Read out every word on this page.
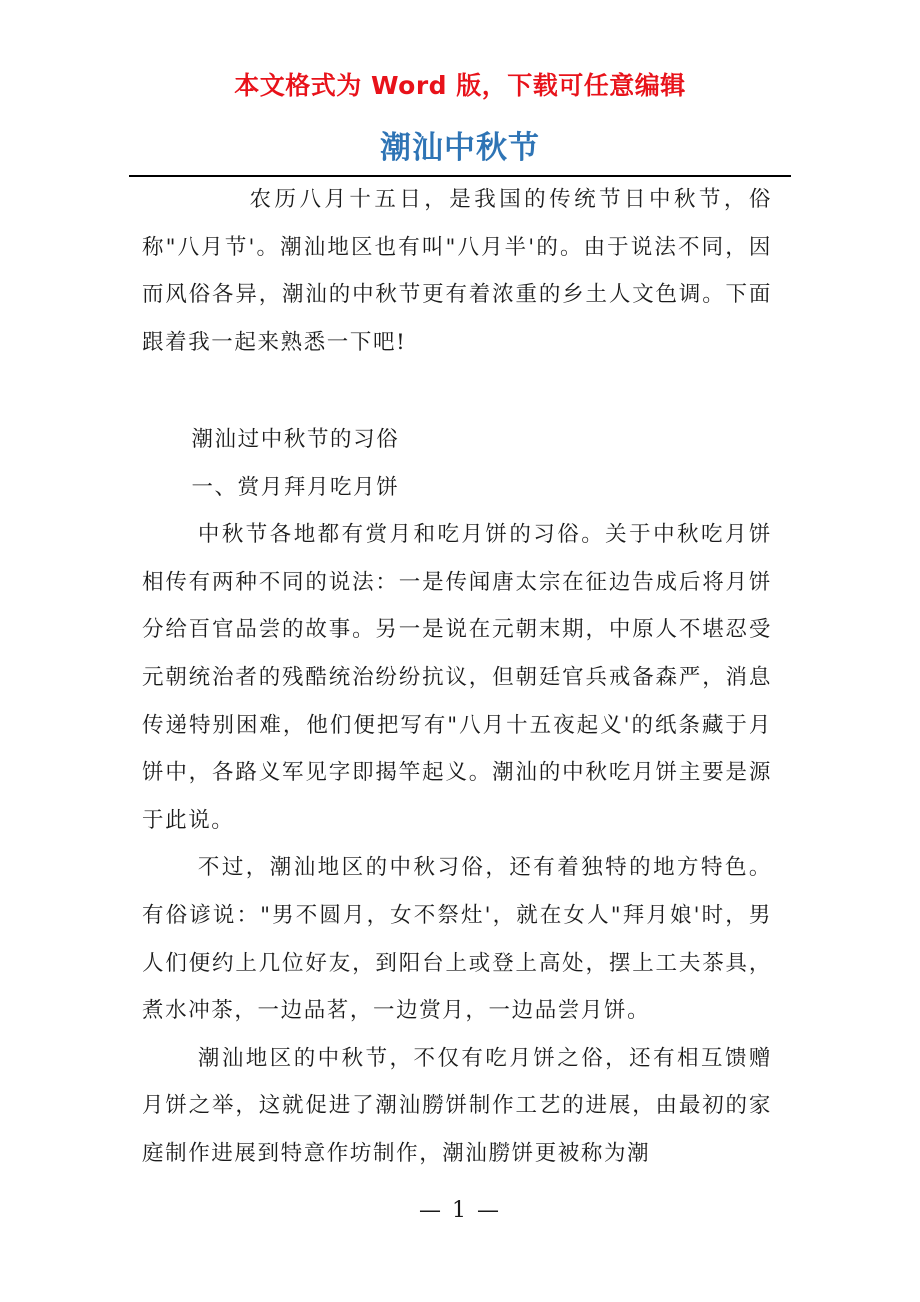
本文格式为 Word 版，下载可任意编辑
潮汕中秋节

农历八月十五日，是我国的传统节日中秋节，俗称"八月节'。潮汕地区也有叫"八月半'的。由于说法不同，因而风俗各异，潮汕的中秋节更有着浓重的乡土人文色调。下面跟着我一起来熟悉一下吧!

潮汕过中秋节的习俗

一、赏月拜月吃月饼

中秋节各地都有赏月和吃月饼的习俗。关于中秋吃月饼相传有两种不同的说法：一是传闻唐太宗在征边告成后将月饼分给百官品尝的故事。另一是说在元朝末期，中原人不堪忍受元朝统治者的残酷统治纷纷抗议，但朝廷官兵戒备森严，消息传递特别困难，他们便把写有"八月十五夜起义'的纸条藏于月饼中，各路义军见字即揭竿起义。潮汕的中秋吃月饼主要是源于此说。

不过，潮汕地区的中秋习俗，还有着独特的地方特色。有俗谚说："男不圆月，女不祭灶'，就在女人"拜月娘'时，男人们便约上几位好友，到阳台上或登上高处，摆上工夫茶具，煮水冲茶，一边品茗，一边赏月，一边品尝月饼。

潮汕地区的中秋节，不仅有吃月饼之俗，还有相互馈赠月饼之举，这就促进了潮汕朥饼制作工艺的进展，由最初的家庭制作进展到特意作坊制作，潮汕朥饼更被称为潮

— 1 —
